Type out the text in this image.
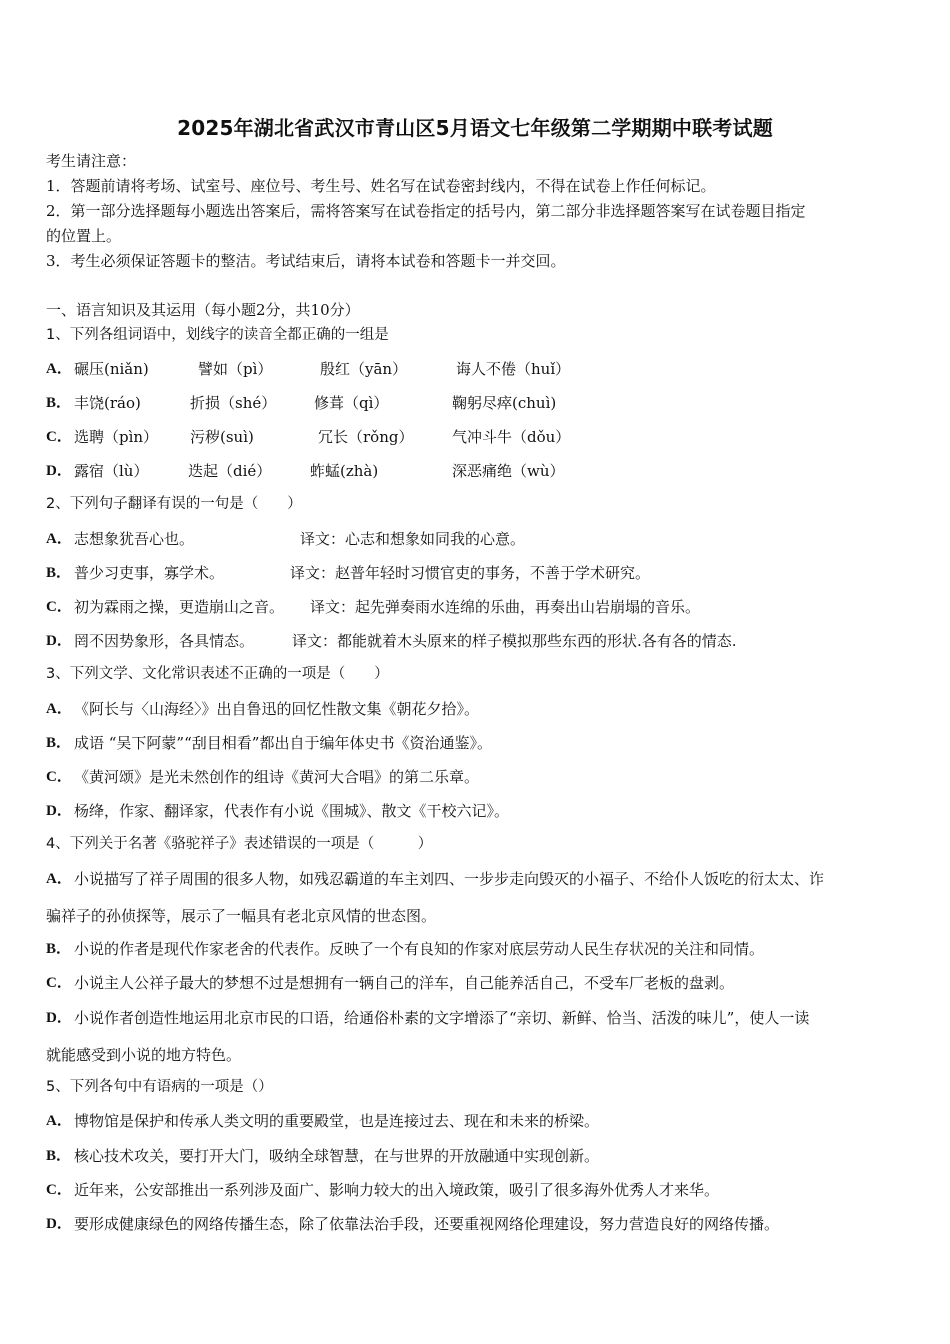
2025年湖北省武汉市青山区5月语文七年级第二学期期中联考试题
考生请注意：
1．答题前请将考场、试室号、座位号、考生号、姓名写在试卷密封线内，不得在试卷上作任何标记。
2．第一部分选择题每小题选出答案后，需将答案写在试卷指定的括号内，第二部分非选择题答案写在试卷题目指定
的位置上。
3．考生必须保证答题卡的整洁。考试结束后，请将本试卷和答题卡一并交回。
一、语言知识及其运用（每小题2分，共10分）
1、下列各组词语中，划线字的读音全都正确的一组是
A． 碾压(niǎn)	譬如（pì）	殷红（yān）	诲人不倦（huǐ）
B． 丰饶(ráo)	折损（shé）	修葺（qì）	鞠躬尽瘁(chuì)
C． 选聘（pìn） 污秽(suì)	冗长（rǒng）	气冲斗牛（dǒu）
D． 露宿（lù）	迭起（dié）	蚱蜢(zhà)	深恶痛绝（wù）
2、下列句子翻译有误的一句是（　　）
A． 志想象犹吾心也。	译文：心志和想象如同我的心意。
B． 普少习吏事，寡学术。	译文：赵普年轻时习惯官吏的事务，不善于学术研究。
C． 初为霖雨之操，更造崩山之音。 译文：起先弹奏雨水连绵的乐曲，再奏出山岩崩塌的音乐。
D． 罔不因势象形，各具情态。	译文：都能就着木头原来的样子模拟那些东西的形状.各有各的情态.
3、下列文学、文化常识表述不正确的一项是（　　）
A． 《阿长与〈山海经〉》出自鲁迅的回忆性散文集《朝花夕拾》。
B． 成语 “吴下阿蒙”“刮目相看”都出自于编年体史书《资治通鉴》。
C． 《黄河颂》是光未然创作的组诗《黄河大合唱》的第二乐章。
D． 杨绛，作家、翻译家，代表作有小说《围城》、散文《干校六记》。
4、下列关于名著《骆驼祥子》表述错误的一项是（　　　）
A． 小说描写了祥子周围的很多人物，如残忍霸道的车主刘四、一步步走向毁灭的小福子、不给仆人饭吃的衍太太、诈
骗祥子的孙侦探等，展示了一幅具有老北京风情的世态图。
B． 小说的作者是现代作家老舍的代表作。反映了一个有良知的作家对底层劳动人民生存状况的关注和同情。
C． 小说主人公祥子最大的梦想不过是想拥有一辆自己的洋车，自己能养活自己，不受车厂老板的盘剥。
D． 小说作者创造性地运用北京市民的口语，给通俗朴素的文字增添了“亲切、新鲜、恰当、活泼的味儿”，使人一读
就能感受到小说的地方特色。
5、下列各句中有语病的一项是（）
A． 博物馆是保护和传承人类文明的重要殿堂，也是连接过去、现在和未来的桥梁。
B． 核心技术攻关，要打开大门，吸纳全球智慧，在与世界的开放融通中实现创新。
C． 近年来，公安部推出一系列涉及面广、影响力较大的出入境政策，吸引了很多海外优秀人才来华。
D． 要形成健康绿色的网络传播生态，除了依靠法治手段，还要重视网络伦理建设，努力营造良好的网络传播。
